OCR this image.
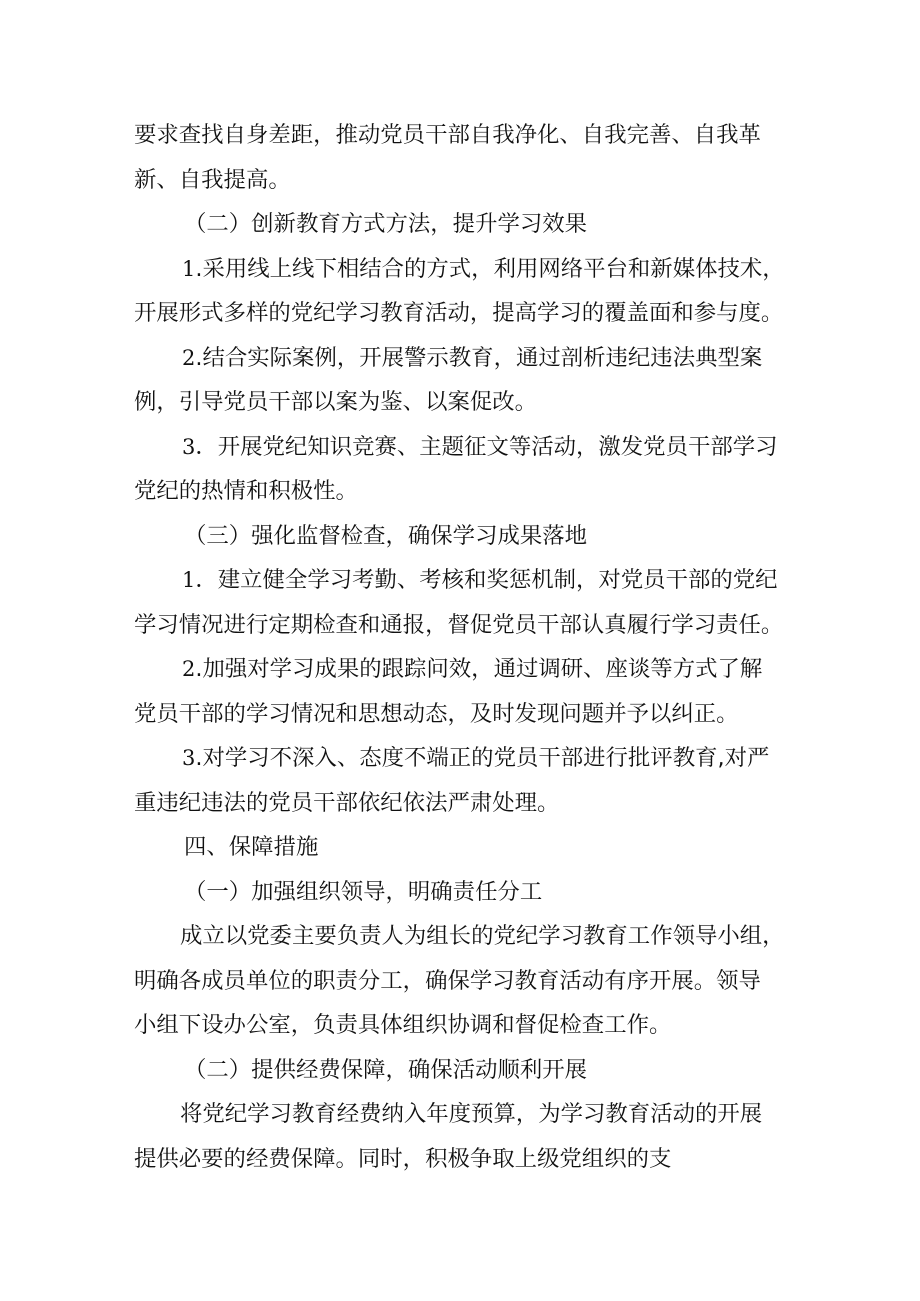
要求查找自身差距，推动党员干部自我净化、自我完善、自我革
新、自我提高。
（二）创新教育方式方法，提升学习效果
1.采用线上线下相结合的方式，利用网络平台和新媒体技术，
开展形式多样的党纪学习教育活动，提高学习的覆盖面和参与度。
2.结合实际案例，开展警示教育，通过剖析违纪违法典型案
例，引导党员干部以案为鉴、以案促改。
3．开展党纪知识竞赛、主题征文等活动，激发党员干部学习
党纪的热情和积极性。
（三）强化监督检查，确保学习成果落地
1．建立健全学习考勤、考核和奖惩机制，对党员干部的党纪
学习情况进行定期检查和通报，督促党员干部认真履行学习责任。
2.加强对学习成果的跟踪问效，通过调研、座谈等方式了解
党员干部的学习情况和思想动态，及时发现问题并予以纠正。
3.对学习不深入、态度不端正的党员干部进行批评教育,对严
重违纪违法的党员干部依纪依法严肃处理。
四、保障措施
（一）加强组织领导，明确责任分工
成立以党委主要负责人为组长的党纪学习教育工作领导小组，
明确各成员单位的职责分工，确保学习教育活动有序开展。领导
小组下设办公室，负责具体组织协调和督促检查工作。
（二）提供经费保障，确保活动顺利开展
将党纪学习教育经费纳入年度预算，为学习教育活动的开展
提供必要的经费保障。同时，积极争取上级党组织的支
